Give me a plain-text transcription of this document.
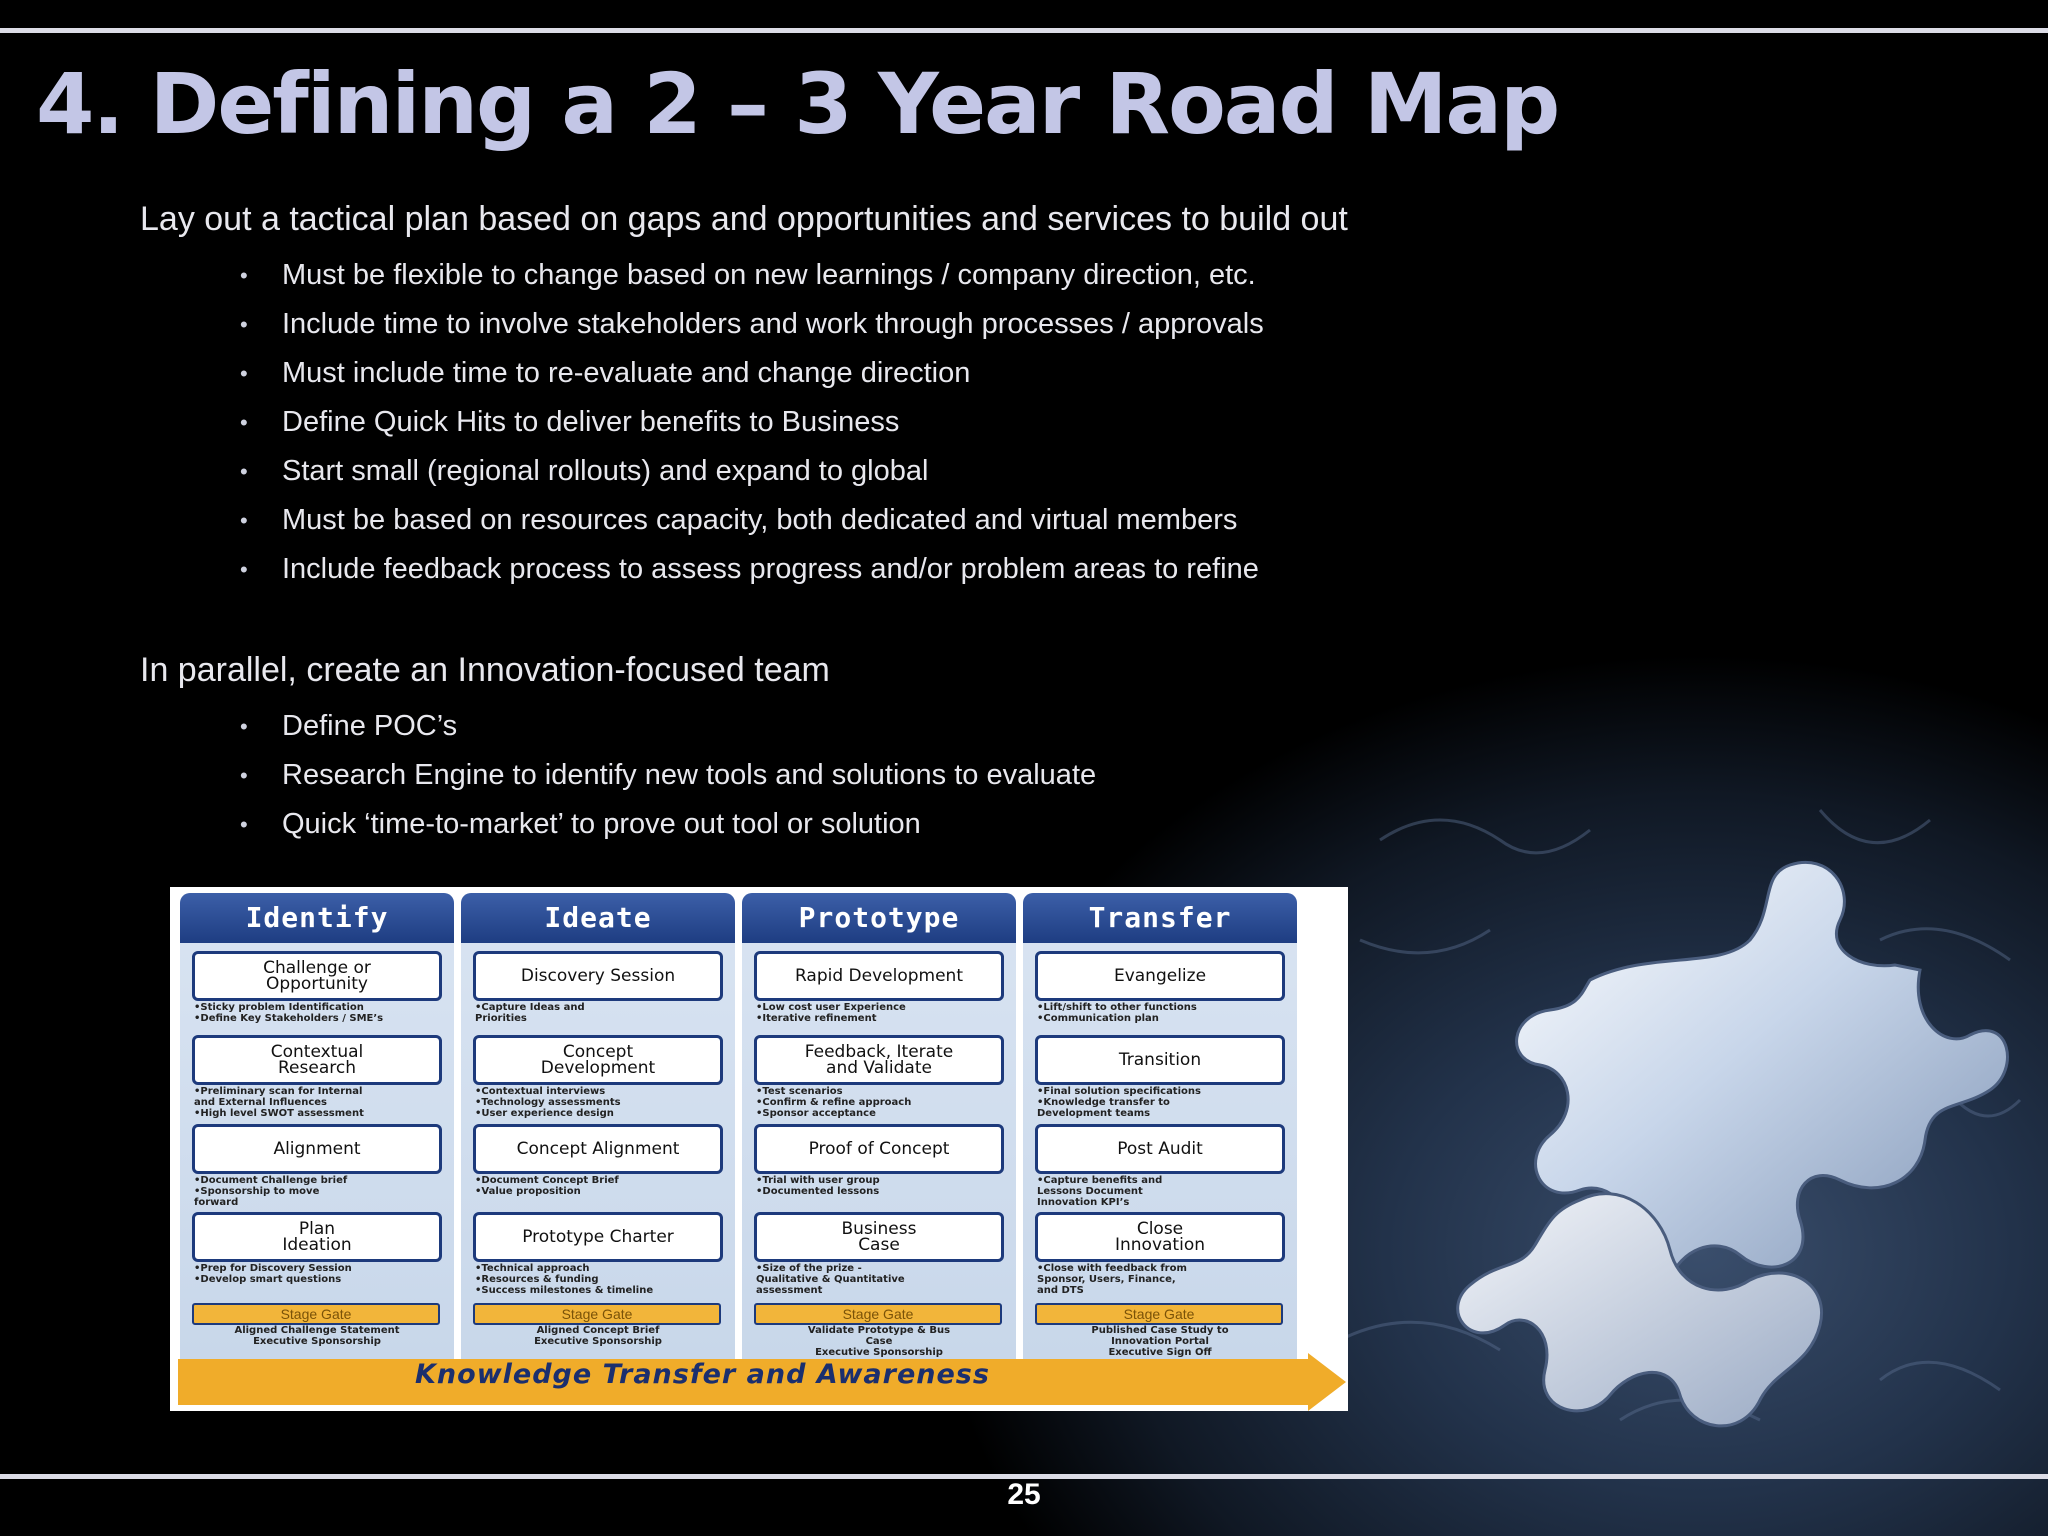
4. Defining a 2 – 3 Year Road Map
Lay out a tactical plan based on gaps and opportunities and services to build out
• Must be flexible to change based on new learnings / company direction, etc.
• Include time to involve stakeholders and work through processes / approvals
• Must include time to re-evaluate and change direction
• Define Quick Hits to deliver benefits to Business
• Start small (regional rollouts) and expand to global
• Must be based on resources capacity, both dedicated and virtual members
• Include feedback process to assess progress and/or problem areas to refine
In parallel, create an Innovation-focused team
• Define POC’s
• Research Engine to identify new tools and solutions to evaluate
• Quick ‘time-to-market’ to prove out tool or solution
Transfer
Evangelize
•Lift/shift to other functions
•Communication plan
Transition
•Final solution specifications
•Knowledge transfer to
Development teams
Post Audit
•Capture benefits and
Lessons Document
Innovation KPI’s
Close
Innovation
•Close with feedback from
Sponsor, Users, Finance,
and DTS
Stage Gate
Published Case Study to
Innovation Portal
Executive Sign Off
Prototype
Rapid Development
•Low cost user Experience
•Iterative refinement
Feedback, Iterate
and Validate
•Test scenarios
•Confirm & refine approach
•Sponsor acceptance
Proof of Concept
•Trial with user group
•Documented lessons
Business
Case
•Size of the prize -
Qualitative & Quantitative
assessment
Stage Gate
Validate Prototype & Bus
Case
Executive Sponsorship
Ideate
Discovery Session
•Capture Ideas and
Priorities
Concept
Development
•Contextual interviews
•Technology assessments
•User experience design
Concept Alignment
•Document Concept Brief
•Value proposition
Prototype Charter
•Technical approach
•Resources & funding
•Success milestones & timeline
Stage Gate
Aligned Concept Brief
Executive Sponsorship
Identify
Challenge or
Opportunity
•Sticky problem Identification
•Define Key Stakeholders / SME’s
Contextual
Research
•Preliminary scan for Internal
and External Influences
•High level SWOT assessment
Alignment
•Document Challenge brief
•Sponsorship to move
forward
Plan
Ideation
•Prep for Discovery Session
•Develop smart questions
Stage Gate
Aligned Challenge Statement
Executive Sponsorship
Knowledge Transfer and Awareness
25
